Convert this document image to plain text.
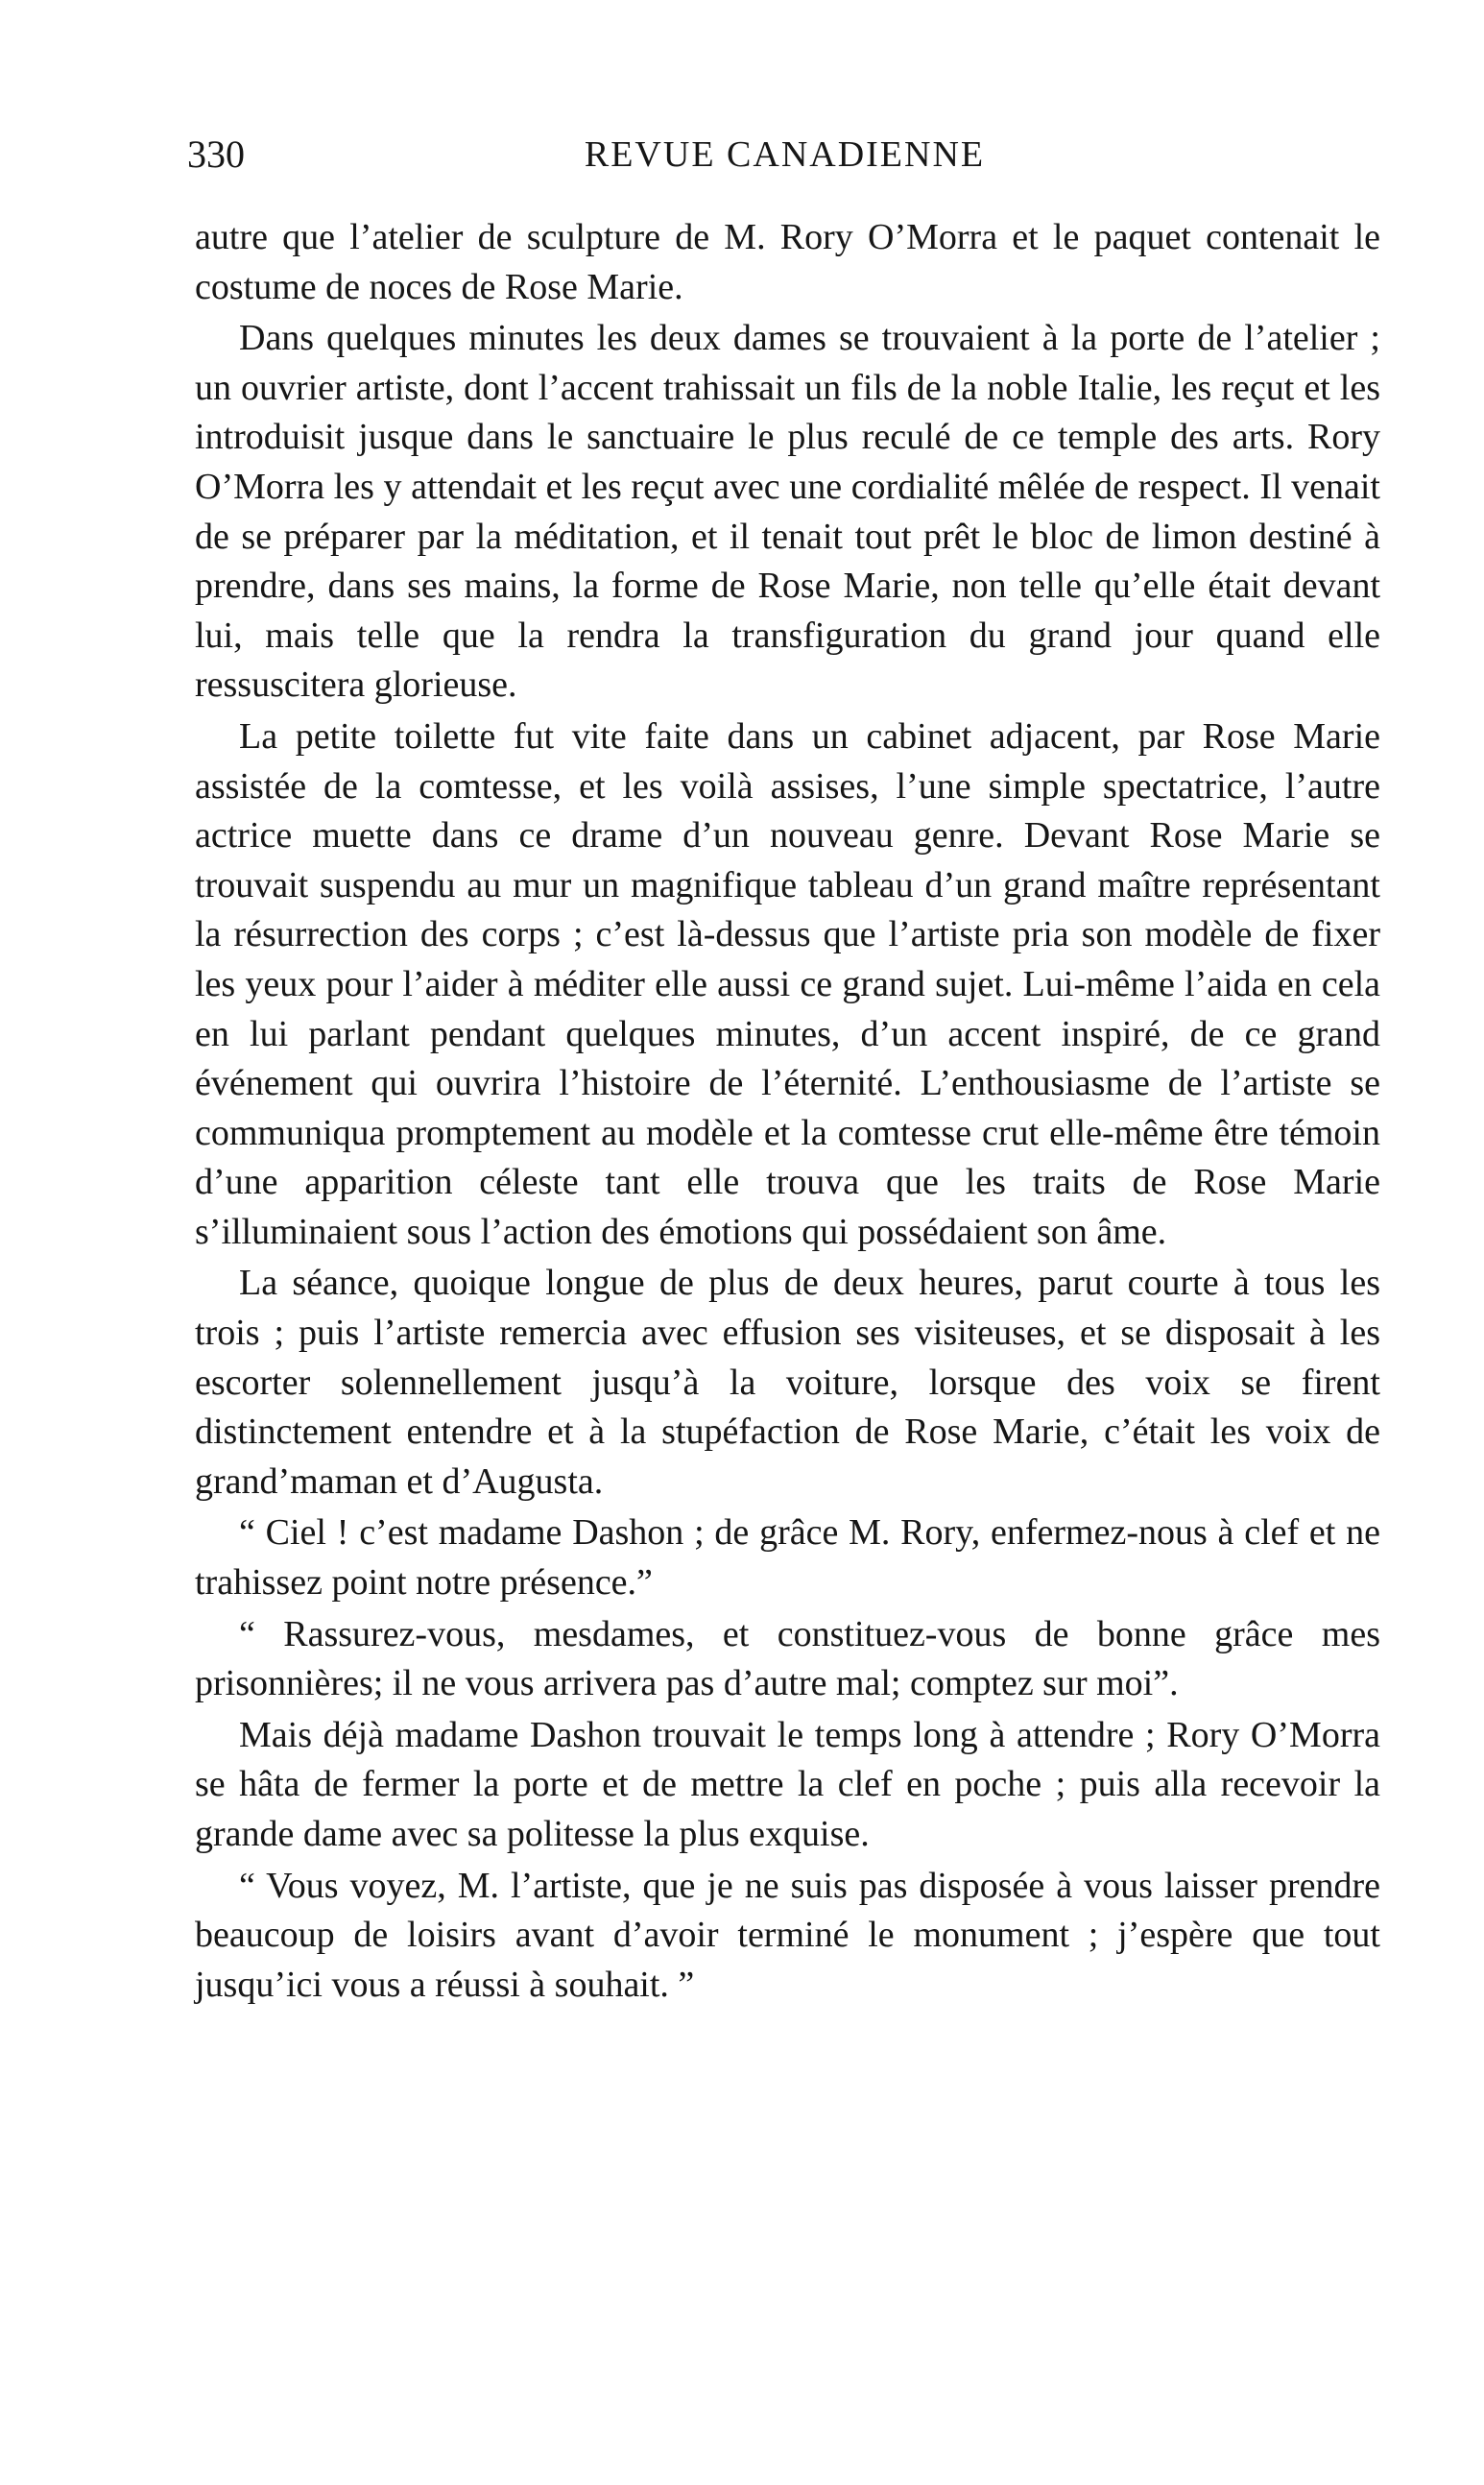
330	REVUE CANADIENNE

autre que l’atelier de sculpture de M. Rory O’Morra et le paquet contenait le costume de noces de Rose Marie.

Dans quelques minutes les deux dames se trouvaient à la porte de l’atelier ; un ouvrier artiste, dont l’accent trahissait un fils de la noble Italie, les reçut et les introduisit jusque dans le sanctuaire le plus reculé de ce temple des arts. Rory O’Morra les y attendait et les reçut avec une cordialité mêlée de respect. Il venait de se préparer par la méditation, et il tenait tout prêt le bloc de limon destiné à prendre, dans ses mains, la forme de Rose Marie, non telle qu’elle était devant lui, mais telle que la rendra la transfiguration du grand jour quand elle ressuscitera glorieuse.

La petite toilette fut vite faite dans un cabinet adjacent, par Rose Marie assistée de la comtesse, et les voilà assises, l’une simple spectatrice, l’autre actrice muette dans ce drame d’un nouveau genre. Devant Rose Marie se trouvait suspendu au mur un magnifique tableau d’un grand maître représentant la résurrection des corps ; c’est là-dessus que l’artiste pria son modèle de fixer les yeux pour l’aider à méditer elle aussi ce grand sujet. Lui-même l’aida en cela en lui parlant pendant quelques minutes, d’un accent inspiré, de ce grand événement qui ouvrira l’histoire de l’éternité. L’enthousiasme de l’artiste se communiqua promptement au modèle et la comtesse crut elle-même être témoin d’une apparition céleste tant elle trouva que les traits de Rose Marie s’illuminaient sous l’action des émotions qui possédaient son âme.

La séance, quoique longue de plus de deux heures, parut courte à tous les trois ; puis l’artiste remercia avec effusion ses visiteuses, et se disposait à les escorter solennellement jusqu’à la voiture, lorsque des voix se firent distinctement entendre et à la stupéfaction de Rose Marie, c’était les voix de grand’maman et d’Augusta.

“ Ciel ! c’est madame Dashon ; de grâce M. Rory, enfermez-nous à clef et ne trahissez point notre présence.”

“ Rassurez-vous, mesdames, et constituez-vous de bonne grâce mes prisonnières; il ne vous arrivera pas d’autre mal; comptez sur moi”.

Mais déjà madame Dashon trouvait le temps long à attendre ; Rory O’Morra se hâta de fermer la porte et de mettre la clef en poche ; puis alla recevoir la grande dame avec sa politesse la plus exquise.

“ Vous voyez, M. l’artiste, que je ne suis pas disposée à vous laisser prendre beaucoup de loisirs avant d’avoir terminé le monument ; j’espère que tout jusqu’ici vous a réussi à souhait. ”
